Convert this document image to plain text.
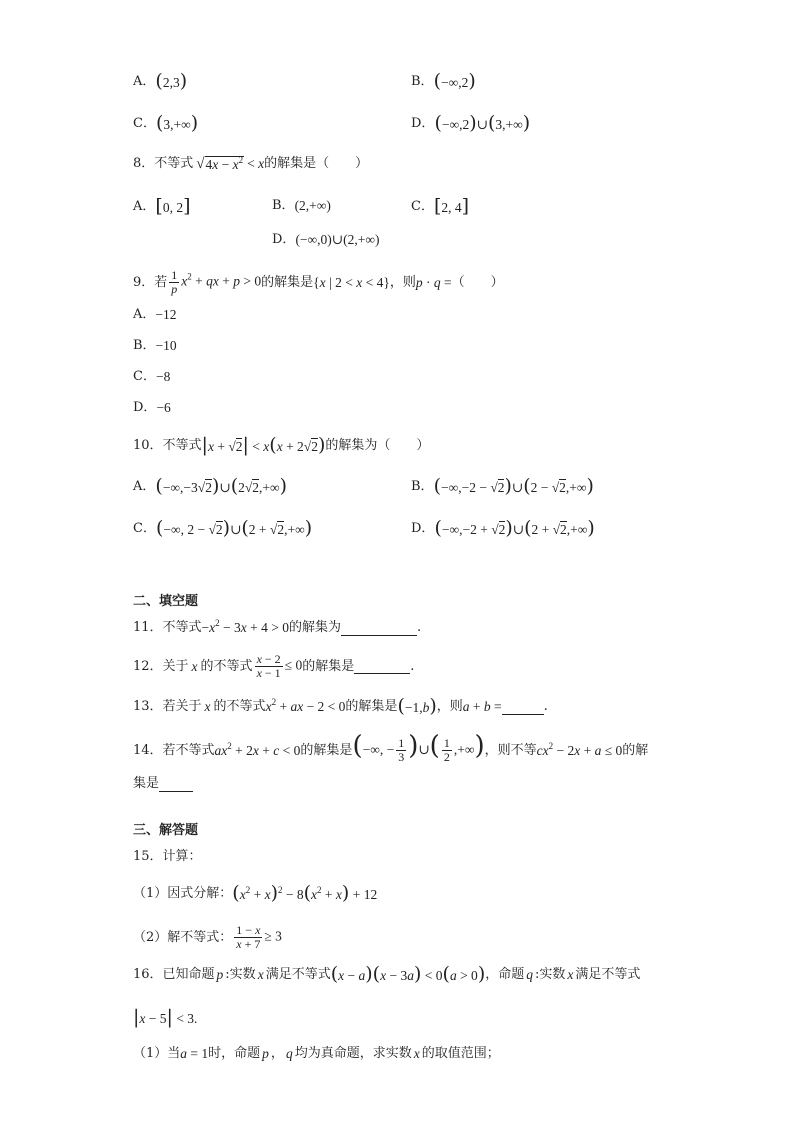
A． (2,3)	B． (−∞,2)
C． (3,+∞)	D． (−∞,2)∪(3,+∞)
8．不等式 √ $4x - x^2 < x$ 的解集是（　　）
A． [0, 2]	B． (2,+∞)	C． [2, 4]
D． (−∞,0)∪(2,+∞)
9．若 $\frac{1}{p} x^2$ + qx + p > 0 的解集是 {x | 2 < x < 4} ，则 p · q = （　　）
A． −12
B． −10
C． −8
D． −6
10．不等式 |x + √2| < x(x + 2√2) 的解集为（　　）
A． (−∞,−3√2)∪(2√2,+∞)	B． (−∞,−2 − √2)∪(2 − √2,+∞)
C． (−∞, 2 − √2)∪(2 + √2,+∞)	D． (−∞,−2 + √2)∪(2 + √2,+∞)
二、填空题
11．不等式 $-x^2 - 3x + 4 > 0$ 的解集为	.
12．关于 x 的不等式 $\frac{x - 2}{x - 1} \le 0$ 的解集是	.
13．若关于 x 的不等式 $x^2$ + ax − 2 < 0 的解集是 (−1,b) ，则 a + b =	.
14．若不等式 $ax^2 + 2x + c < 0$ 的解集是 (−∞, − $\frac{1}{3}$ )∪( $\frac{1}{2}$ ,+∞) ，则不等 $cx^2 - 2x + a \le 0$ 的解
集是
三、解答题
15．计算：
（1）因式分解： $(x^2 + x)^2 - 8(x^2 + x) + 12$
（2）解不等式： $\frac{1 - x}{x + 7} \ge 3$
16．已知命题 p :实数 x 满足不等式 (x − a)(x − 3a) < 0(a > 0) ，命题 q :实数 x 满足不等式
|x − 5| < 3.
（1）当 a = 1 时，命题 p ， q 均为真命题，求实数 x 的取值范围；
